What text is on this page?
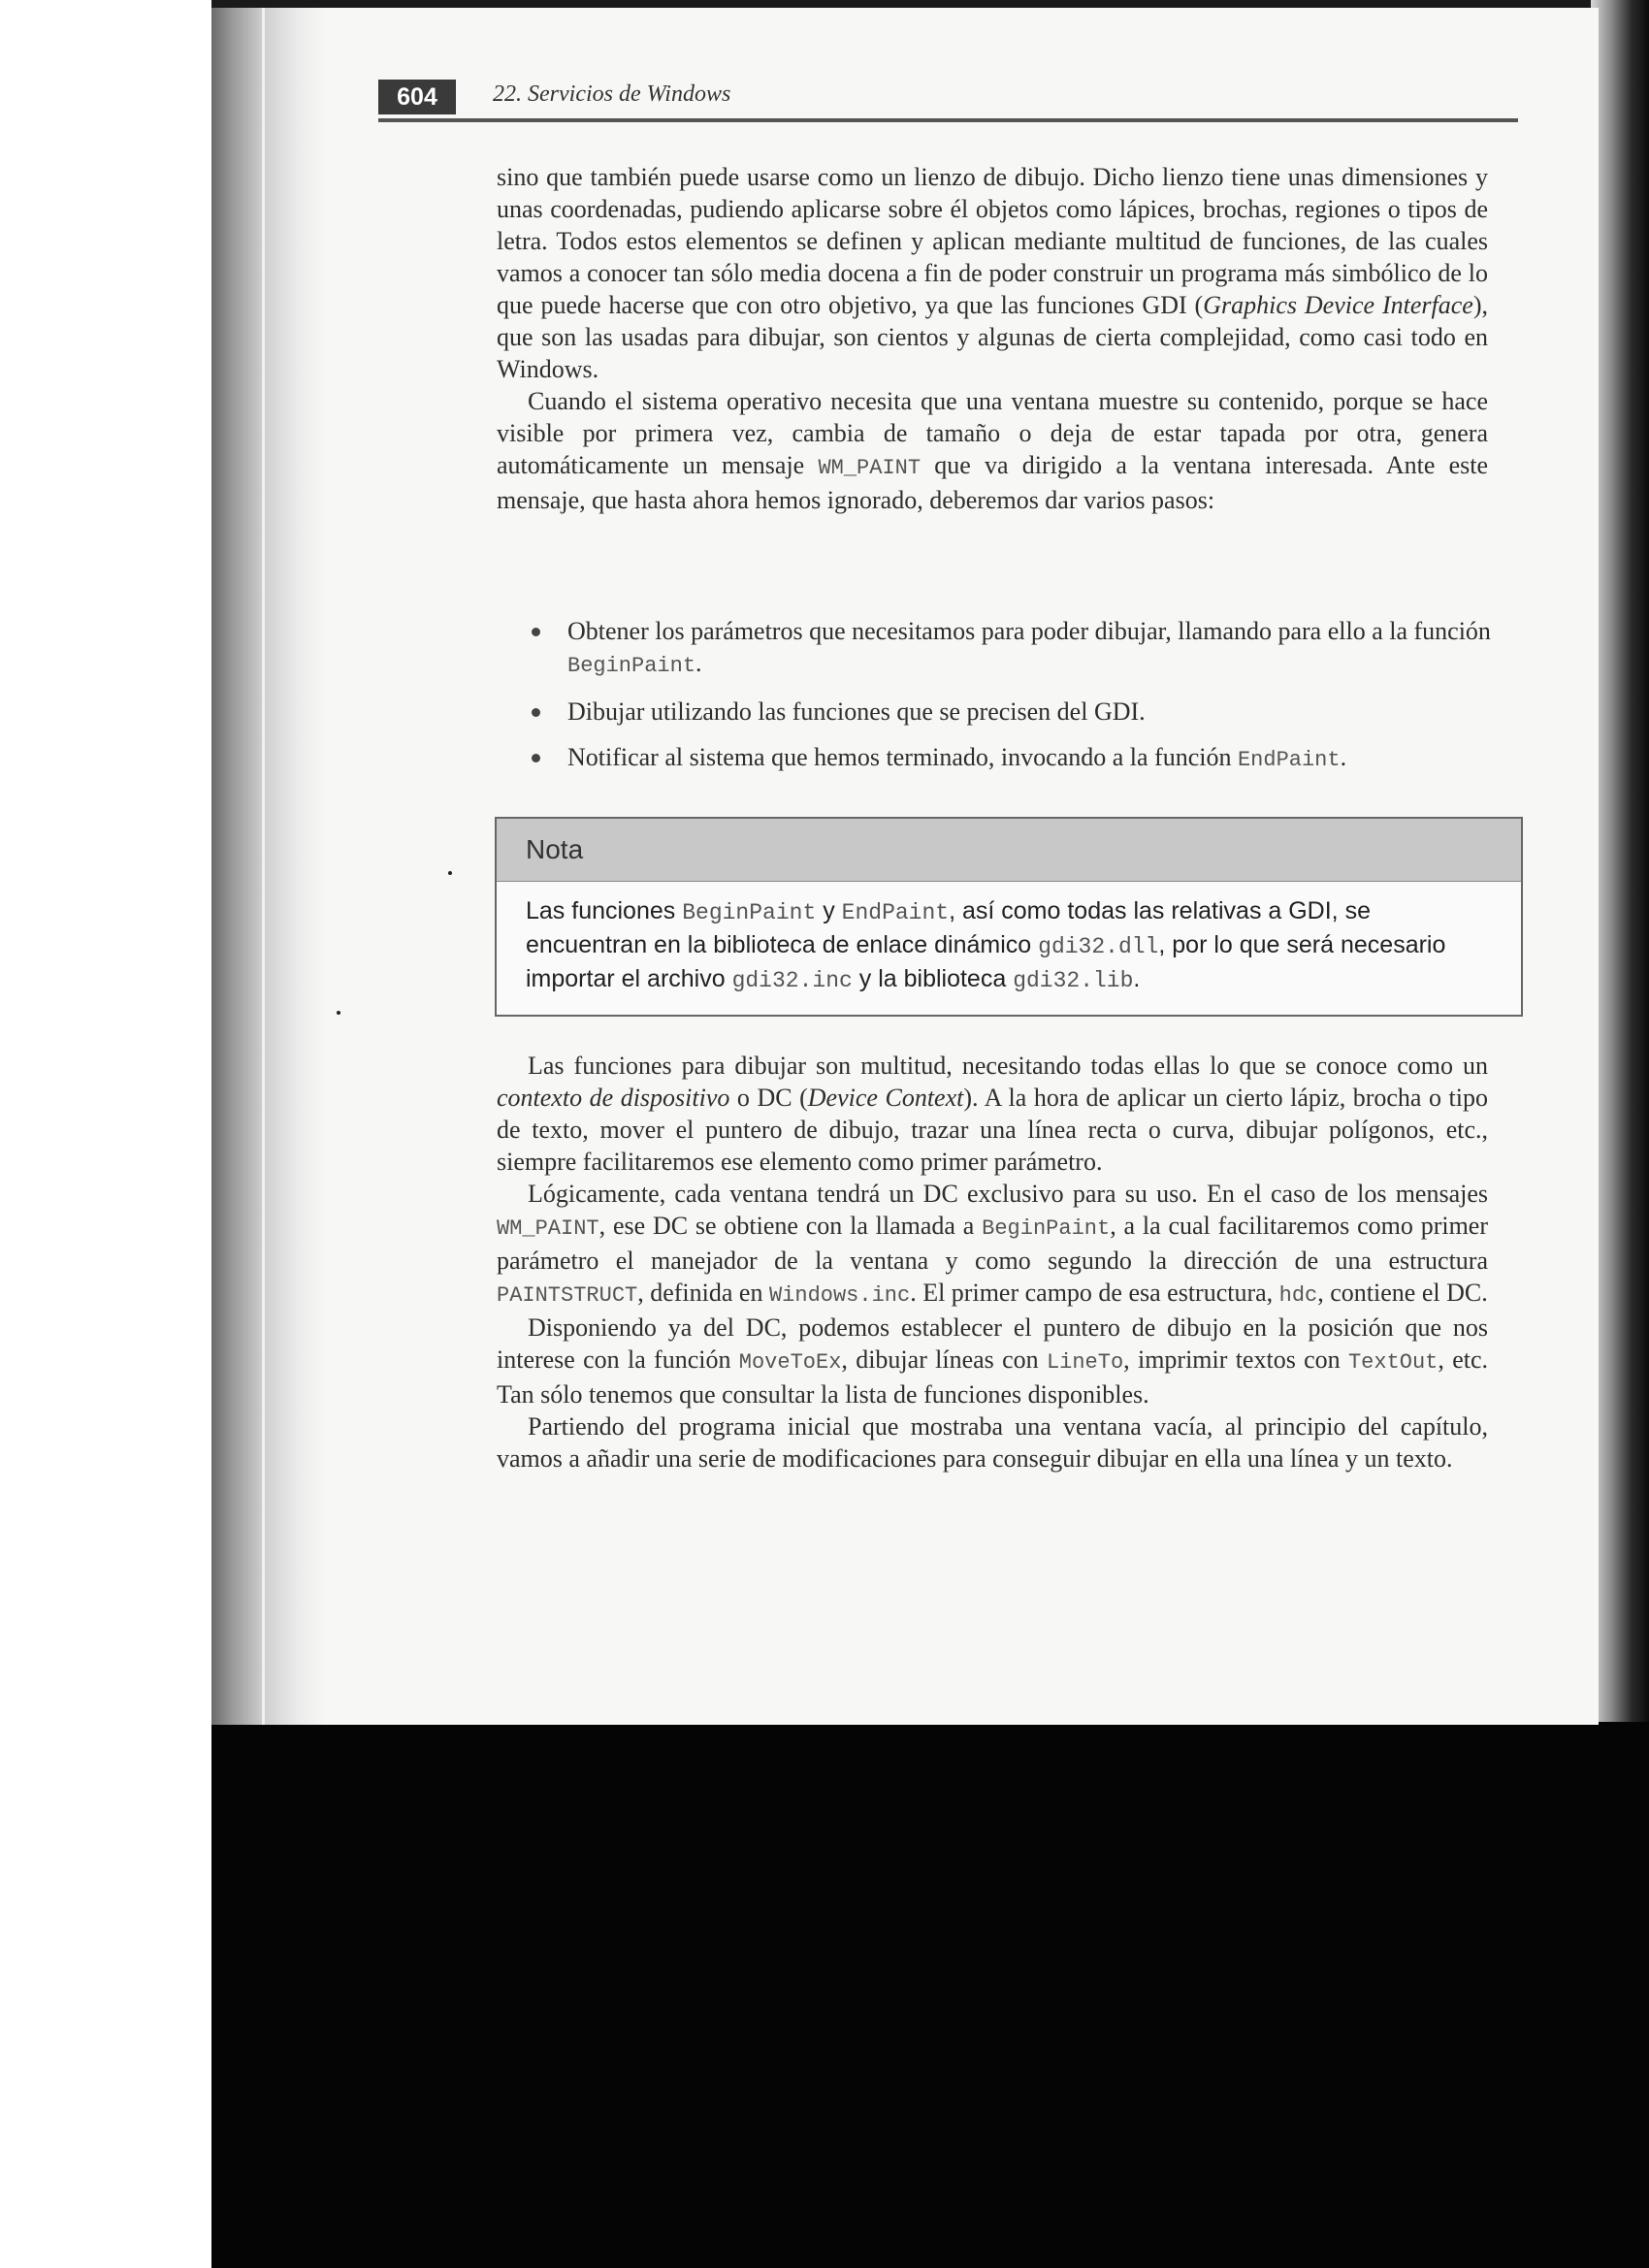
604	22. Servicios de Windows

sino que también puede usarse como un lienzo de dibujo. Dicho lienzo tiene unas dimensiones y unas coordenadas, pudiendo aplicarse sobre él objetos como lápices, brochas, regiones o tipos de letra. Todos estos elementos se definen y aplican mediante multitud de funciones, de las cuales vamos a conocer tan sólo media docena a fin de poder construir un programa más simbólico de lo que puede hacerse que con otro objetivo, ya que las funciones GDI (Graphics Device Interface), que son las usadas para dibujar, son cientos y algunas de cierta complejidad, como casi todo en Windows.

Cuando el sistema operativo necesita que una ventana muestre su contenido, porque se hace visible por primera vez, cambia de tamaño o deja de estar tapada por otra, genera automáticamente un mensaje WM_PAINT que va dirigido a la ventana interesada. Ante este mensaje, que hasta ahora hemos ignorado, deberemos dar varios pasos:

Obtener los parámetros que necesitamos para poder dibujar, llamando para ello a la función BeginPaint.
Dibujar utilizando las funciones que se precisen del GDI.
Notificar al sistema que hemos terminado, invocando a la función EndPaint.
Nota
Las funciones BeginPaint y EndPaint, así como todas las relativas a GDI, se encuentran en la biblioteca de enlace dinámico gdi32.dll, por lo que será necesario importar el archivo gdi32.inc y la biblioteca gdi32.lib.

Las funciones para dibujar son multitud, necesitando todas ellas lo que se conoce como un contexto de dispositivo o DC (Device Context). A la hora de aplicar un cierto lápiz, brocha o tipo de texto, mover el puntero de dibujo, trazar una línea recta o curva, dibujar polígonos, etc., siempre facilitaremos ese elemento como primer parámetro.

Lógicamente, cada ventana tendrá un DC exclusivo para su uso. En el caso de los mensajes WM_PAINT, ese DC se obtiene con la llamada a BeginPaint, a la cual facilitaremos como primer parámetro el manejador de la ventana y como segundo la dirección de una estructura PAINTSTRUCT, definida en Windows.inc. El primer campo de esa estructura, hdc, contiene el DC.

Disponiendo ya del DC, podemos establecer el puntero de dibujo en la posición que nos interese con la función MoveToEx, dibujar líneas con LineTo, imprimir textos con TextOut, etc. Tan sólo tenemos que consultar la lista de funciones disponibles.

Partiendo del programa inicial que mostraba una ventana vacía, al principio del capítulo, vamos a añadir una serie de modificaciones para conseguir dibujar en ella una línea y un texto.
